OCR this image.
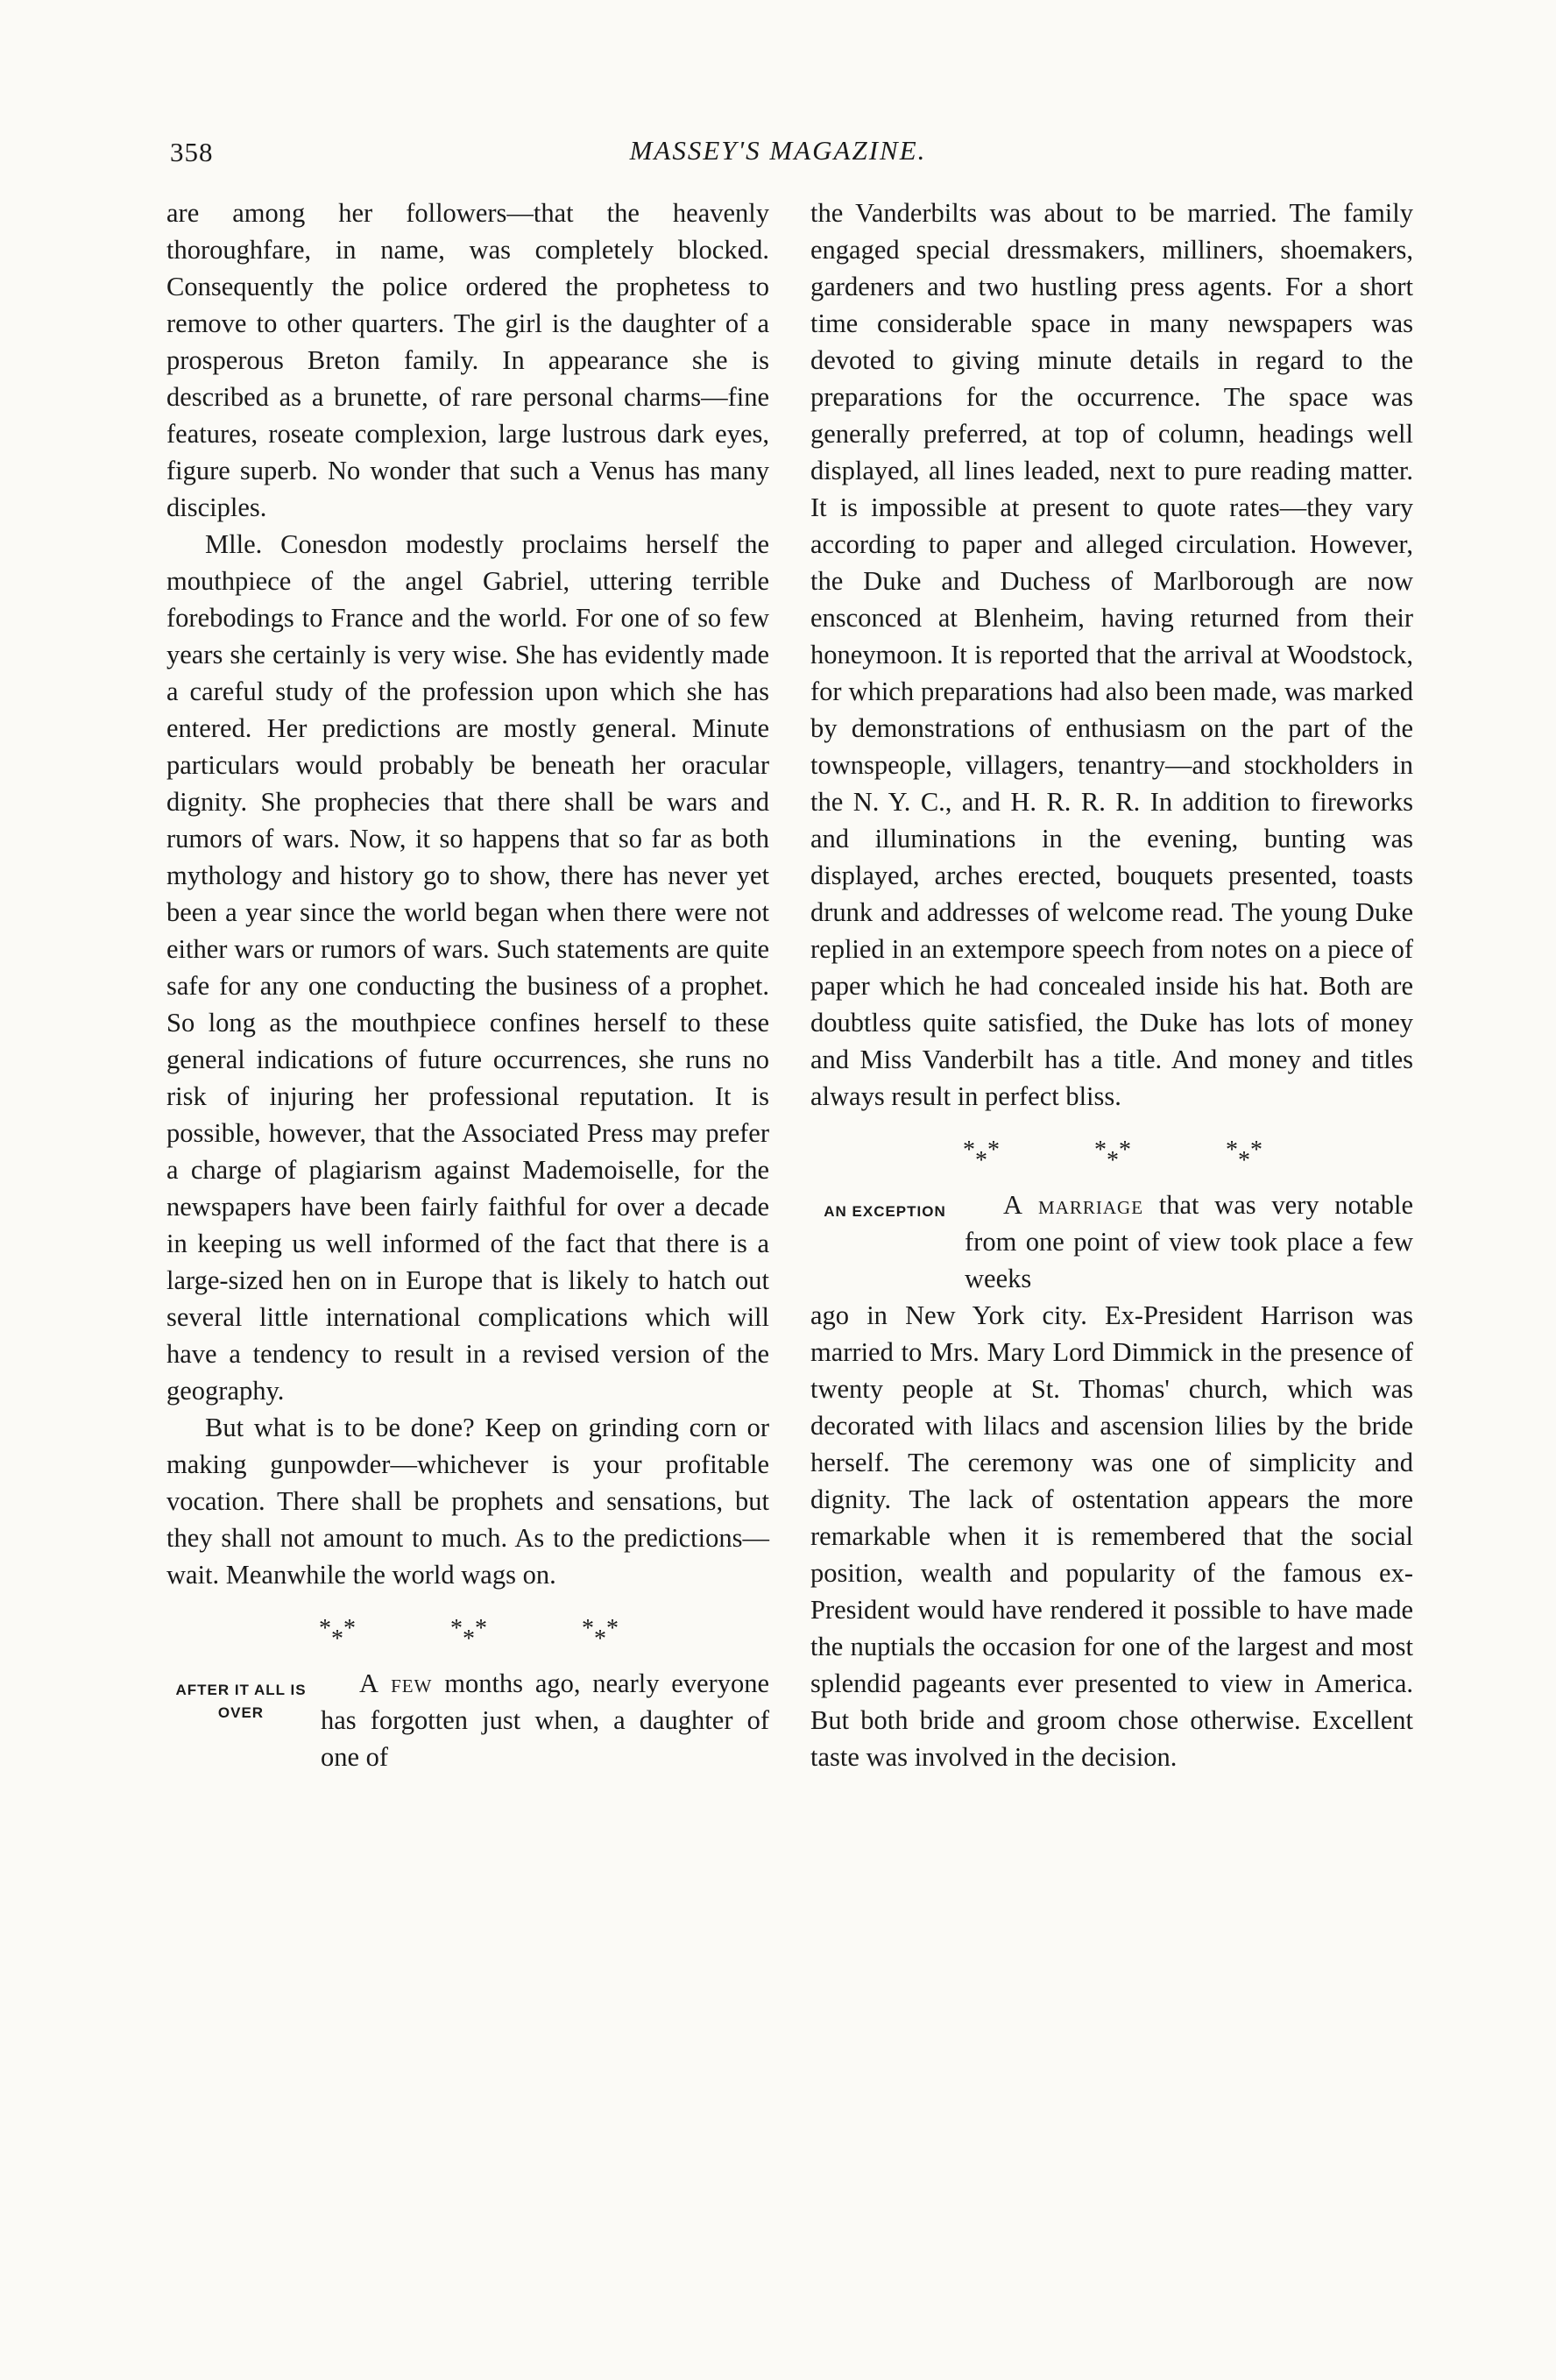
358	MASSEY'S MAGAZINE.

are among her followers—that the heavenly thoroughfare, in name, was completely blocked. Consequently the police ordered the prophetess to remove to other quarters. The girl is the daughter of a prosperous Breton family. In appearance she is described as a brunette, of rare personal charms—fine features, roseate complexion, large lustrous dark eyes, figure superb. No wonder that such a Venus has many disciples.

Mlle. Conesdon modestly proclaims herself the mouthpiece of the angel Gabriel, uttering terrible forebodings to France and the world. For one of so few years she certainly is very wise. She has evidently made a careful study of the profession upon which she has entered. Her predictions are mostly general. Minute particulars would probably be beneath her oracular dignity. She prophecies that there shall be wars and rumors of wars. Now, it so happens that so far as both mythology and history go to show, there has never yet been a year since the world began when there were not either wars or rumors of wars. Such statements are quite safe for any one conducting the business of a prophet. So long as the mouthpiece confines herself to these general indications of future occurrences, she runs no risk of injuring her professional reputation. It is possible, however, that the Associated Press may prefer a charge of plagiarism against Mademoiselle, for the newspapers have been fairly faithful for over a decade in keeping us well informed of the fact that there is a large-sized hen on in Europe that is likely to hatch out several little international complications which will have a tendency to result in a revised version of the geography.

But what is to be done? Keep on grinding corn or making gunpowder—whichever is your profitable vocation. There shall be prophets and sensations, but they shall not amount to much. As to the predictions—wait. Meanwhile the world wags on.

* * *	* * *	* * *
AFTER IT ALL IS OVER

A few months ago, nearly everyone has forgotten just when, a daughter of one of

the Vanderbilts was about to be married. The family engaged special dressmakers, milliners, shoemakers, gardeners and two hustling press agents. For a short time considerable space in many newspapers was devoted to giving minute details in regard to the preparations for the occurrence. The space was generally preferred, at top of column, headings well displayed, all lines leaded, next to pure reading matter. It is impossible at present to quote rates—they vary according to paper and alleged circulation. However, the Duke and Duchess of Marlborough are now ensconced at Blenheim, having returned from their honeymoon. It is reported that the arrival at Woodstock, for which preparations had also been made, was marked by demonstrations of enthusiasm on the part of the townspeople, villagers, tenantry—and stockholders in the N. Y. C., and H. R. R. R. In addition to fireworks and illuminations in the evening, bunting was displayed, arches erected, bouquets presented, toasts drunk and addresses of welcome read. The young Duke replied in an extempore speech from notes on a piece of paper which he had concealed inside his hat. Both are doubtless quite satisfied, the Duke has lots of money and Miss Vanderbilt has a title. And money and titles always result in perfect bliss.

* * *	* * *	* * *
AN EXCEPTION	A marriage that was very notable from one point of view took place a few weeks

ago in New York city. Ex-President Harrison was married to Mrs. Mary Lord Dimmick in the presence of twenty people at St. Thomas' church, which was decorated with lilacs and ascension lilies by the bride herself. The ceremony was one of simplicity and dignity. The lack of ostentation appears the more remarkable when it is remembered that the social position, wealth and popularity of the famous ex-President would have rendered it possible to have made the nuptials the occasion for one of the largest and most splendid pageants ever presented to view in America. But both bride and groom chose otherwise. Excellent taste was involved in the decision.
